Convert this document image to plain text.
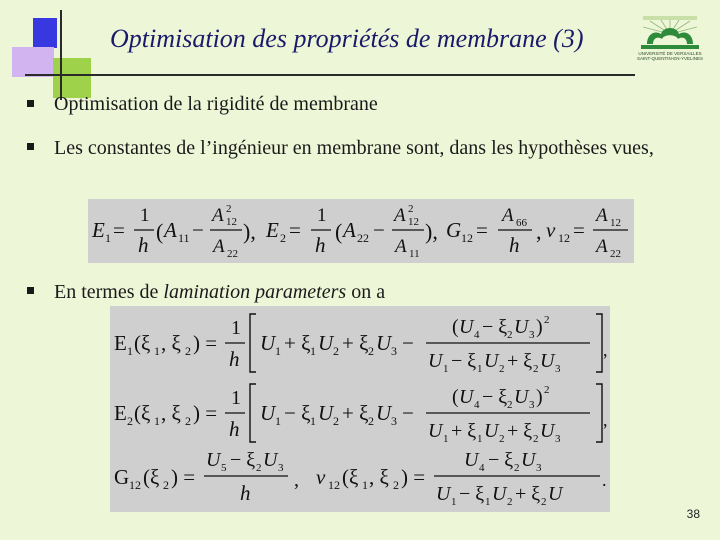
Optimisation des propriétés de membrane (3)
UNIVERSITÉ DE VERSAILLES
SAINT-QUENTIN-EN-YVELINES

Optimisation de la rigidité de membrane

Les constantes de l’ingénieur en membrane sont, dans les hypothèses vues,

E 1 =
1
h
( A 11 −
A 2
12
A 22
), E 2 =
1
h
( A 22 −
A 2
12
A 11
), G 12 =
A 66
h
, ν 12 =
A 12
A 22

En termes de lamination parameters on a

E 1 (ξ 1 , ξ 2 ) =
1
h
U 1 + ξ 1 U 2 + ξ 2 U 3 −
( U 4 − ξ 2 U 3 ) 2
U 1 − ξ 1 U 2 + ξ 2 U 3
,
E 2 (ξ 1 , ξ 2 ) =
1
h
U 1 − ξ 1 U 2 + ξ 2 U 3 −
( U 4 − ξ 2 U 3 ) 2
U 1 + ξ 1 U 2 + ξ 2 U 3
,
G 12 (ξ 2 ) =
U 5 − ξ 2 U 3
h
, ν 12 (ξ 1 , ξ 2 ) =
U 4 − ξ 2 U 3
U 1 − ξ 1 U 2 + ξ 2 U
.
38
